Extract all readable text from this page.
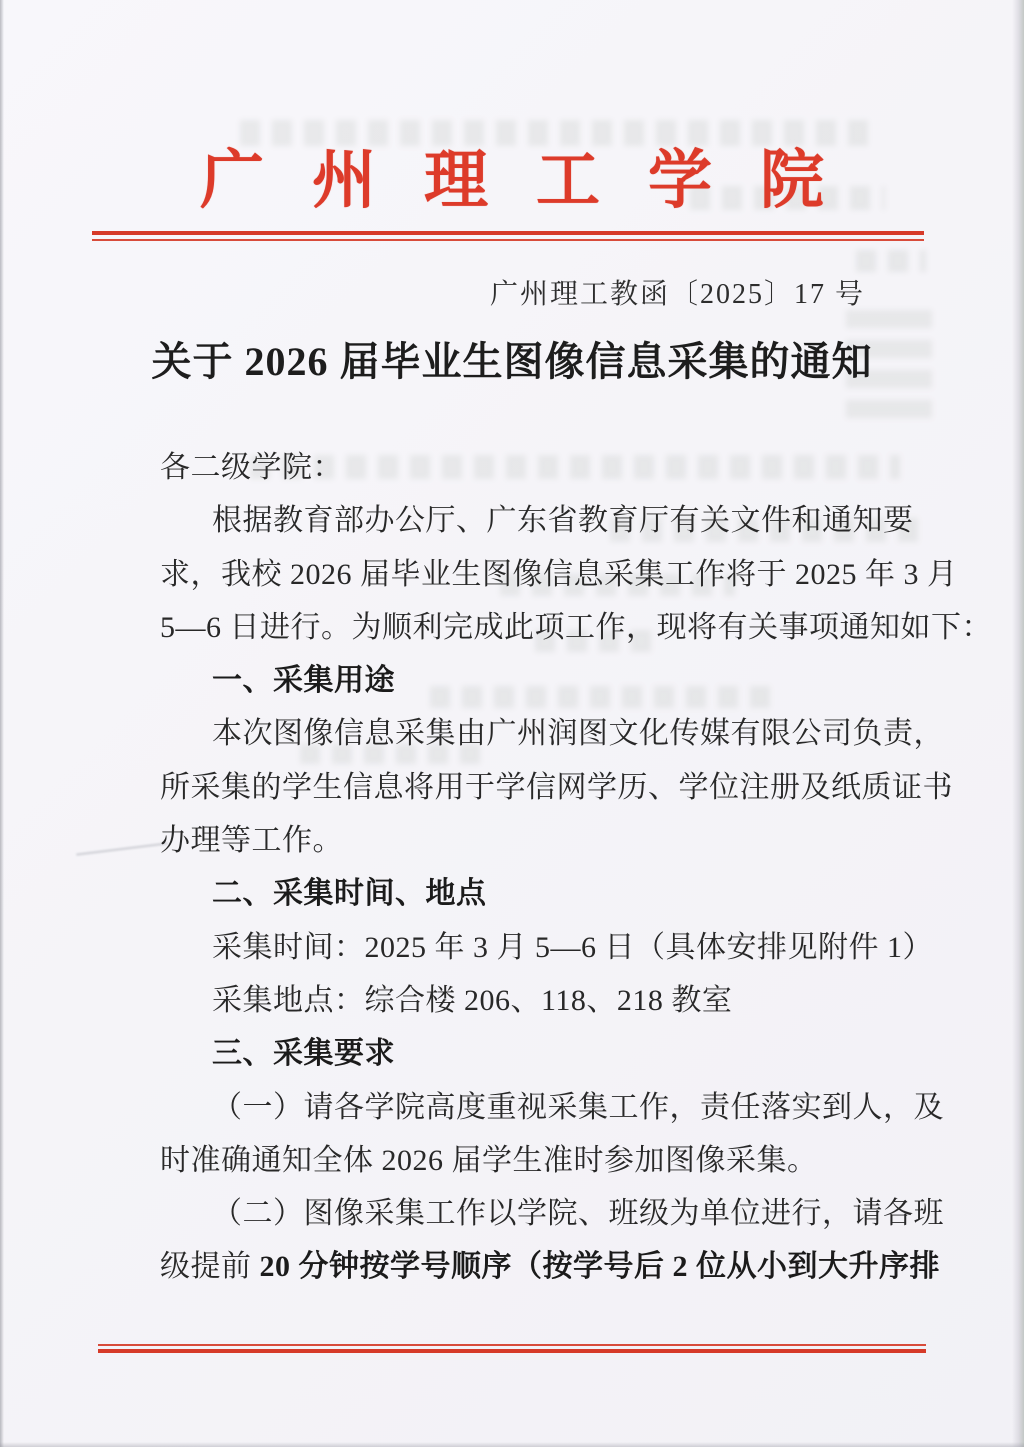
广 州 理 工 学 院
广州理工教函〔2025〕17 号
关于 2026 届毕业生图像信息采集的通知
各二级学院：
根据教育部办公厅、广东省教育厅有关文件和通知要
求，我校 2026 届毕业生图像信息采集工作将于 2025 年 3 月
5—6 日进行。为顺利完成此项工作，现将有关事项通知如下：
一、采集用途
本次图像信息采集由广州润图文化传媒有限公司负责，
所采集的学生信息将用于学信网学历、学位注册及纸质证书
办理等工作。
二、采集时间、地点
采集时间：2025 年 3 月 5—6 日（具体安排见附件 1）
采集地点：综合楼 206、118、218 教室
三、采集要求
（一）请各学院高度重视采集工作，责任落实到人，及
时准确通知全体 2026 届学生准时参加图像采集。
（二）图像采集工作以学院、班级为单位进行，请各班
级提前 20 分钟按学号顺序（按学号后 2 位从小到大升序排
